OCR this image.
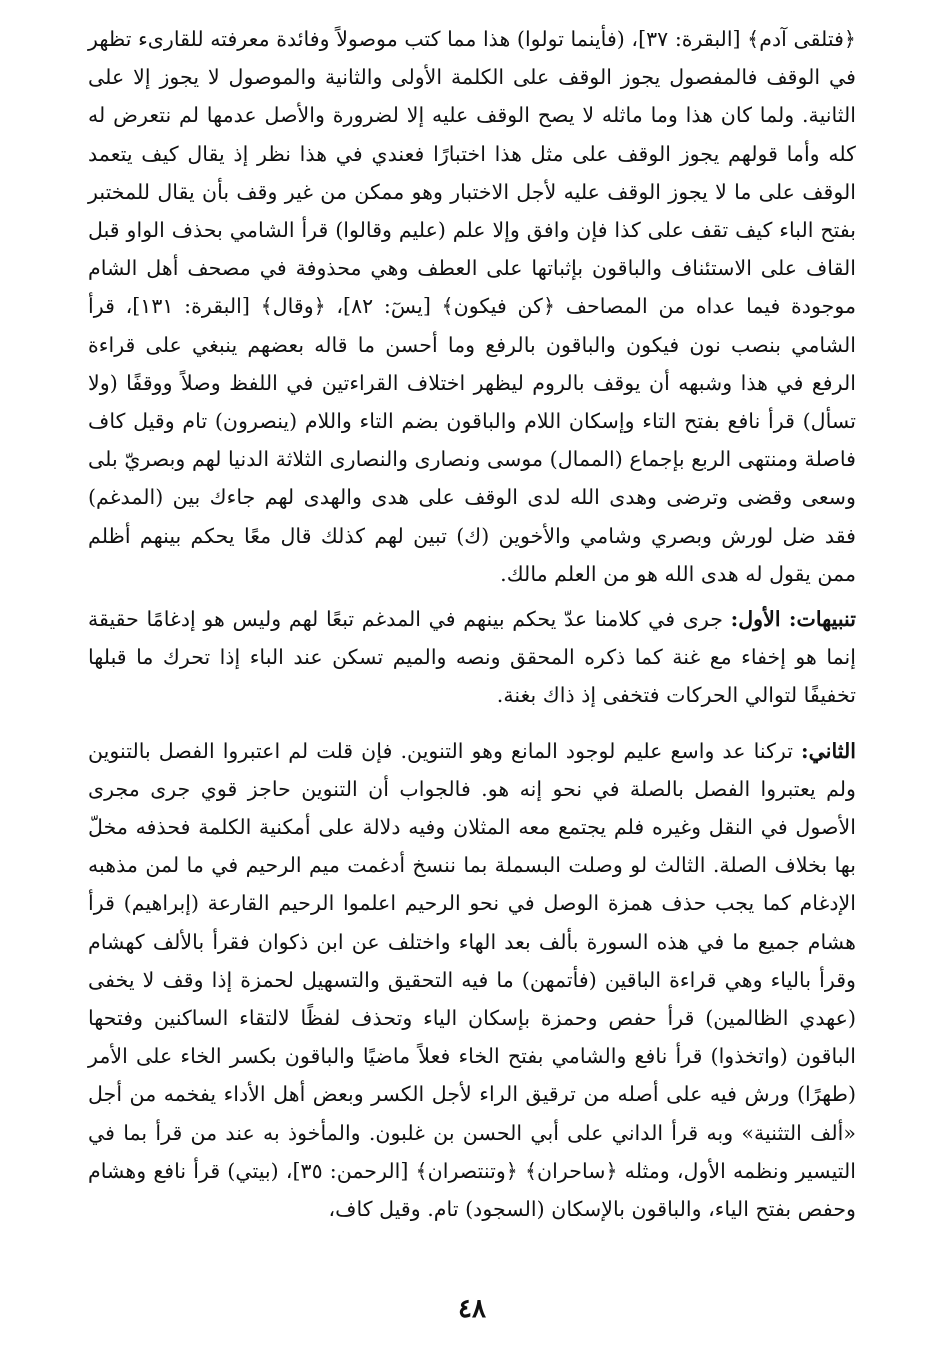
﴿فتلقى آدم﴾ [البقرة: ٣٧]، (فأينما تولوا) هذا مما كتب موصولاً وفائدة معرفته للقارىء تظهر في الوقف فالمفصول يجوز الوقف على الكلمة الأولى والثانية والموصول لا يجوز إلا على الثانية. ولما كان هذا وما ماثله لا يصح الوقف عليه إلا لضرورة والأصل عدمها لم نتعرض له كله وأما قولهم يجوز الوقف على مثل هذا اختبارًا فعندي في هذا نظر إذ يقال كيف يتعمد الوقف على ما لا يجوز الوقف عليه لأجل الاختبار وهو ممكن من غير وقف بأن يقال للمختبر بفتح الباء كيف تقف على كذا فإن وافق وإلا علم (عليم وقالوا) قرأ الشامي بحذف الواو قبل القاف على الاستئناف والباقون بإثباتها على العطف وهي محذوفة في مصحف أهل الشام موجودة فيما عداه من المصاحف ﴿كن فيكون﴾ [يسٓ: ٨٢]، ﴿وقال﴾ [البقرة: ١٣١]، قرأ الشامي بنصب نون فيكون والباقون بالرفع وما أحسن ما قاله بعضهم ينبغي على قراءة الرفع في هذا وشبهه أن يوقف بالروم ليظهر اختلاف القراءتين في اللفظ وصلاً ووقفًا (ولا تسأل) قرأ نافع بفتح التاء وإسكان اللام والباقون بضم التاء واللام (ينصرون) تام وقيل كاف فاصلة ومنتهى الربع بإجماع (الممال) موسى ونصارى والنصارى الثلاثة الدنيا لهم وبصريّ بلى وسعى وقضى وترضى وهدى الله لدى الوقف على هدى والهدى لهم جاءك بين (المدغم) فقد ضل لورش وبصري وشامي والأخوين (ك) تبين لهم كذلك قال معًا يحكم بينهم أظلم ممن يقول له هدى الله هو من العلم مالك.

تنبيهات: الأول: جرى في كلامنا عدّ يحكم بينهم في المدغم تبعًا لهم وليس هو إدغامًا حقيقة إنما هو إخفاء مع غنة كما ذكره المحقق ونصه والميم تسكن عند الباء إذا تحرك ما قبلها تخفيفًا لتوالي الحركات فتخفى إذ ذاك بغنة.

الثاني: تركنا عد واسع عليم لوجود المانع وهو التنوين. فإن قلت لم اعتبروا الفصل بالتنوين ولم يعتبروا الفصل بالصلة في نحو إنه هو. فالجواب أن التنوين حاجز قوي جرى مجرى الأصول في النقل وغيره فلم يجتمع معه المثلان وفيه دلالة على أمكنية الكلمة فحذفه مخلّ بها بخلاف الصلة. الثالث لو وصلت البسملة بما ننسخ أدغمت ميم الرحيم في ما لمن مذهبه الإدغام كما يجب حذف همزة الوصل في نحو الرحيم اعلموا الرحيم القارعة (إبراهيم) قرأ هشام جميع ما في هذه السورة بألف بعد الهاء واختلف عن ابن ذكوان فقرأ بالألف كهشام وقرأ بالياء وهي قراءة الباقين (فأتمهن) ما فيه التحقيق والتسهيل لحمزة إذا وقف لا يخفى (عهدي الظالمين) قرأ حفص وحمزة بإسكان الياء وتحذف لفظًا لالتقاء الساكنين وفتحها الباقون (واتخذوا) قرأ نافع والشامي بفتح الخاء فعلاً ماضيًا والباقون بكسر الخاء على الأمر (طهرًا) ورش فيه على أصله من ترقيق الراء لأجل الكسر وبعض أهل الأداء يفخمه من أجل «ألف التثنية» وبه قرأ الداني على أبي الحسن بن غلبون. والمأخوذ به عند من قرأ بما في التيسير ونظمه الأول، ومثله ﴿ساحران﴾ ﴿وتنتصران﴾ [الرحمن: ٣٥]، (بيتي) قرأ نافع وهشام وحفص بفتح الياء، والباقون بالإسكان (السجود) تام. وقيل كاف،

٤٨
